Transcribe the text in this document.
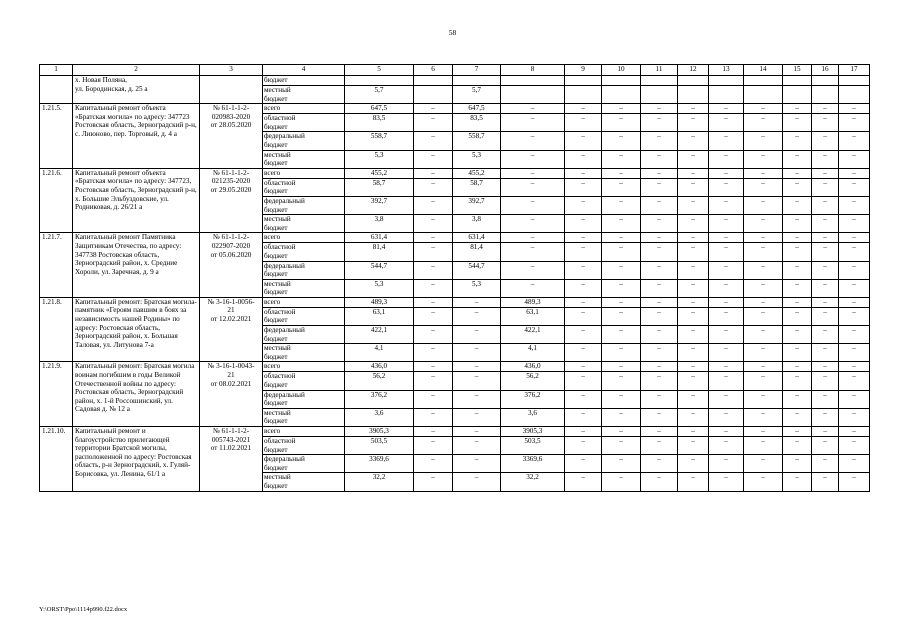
58
1	2	3	4	5	6	7	8	9	10	11	12	13	14	15	16	17
	х. Новая Поляна,
ул. Бородинская, д. 25 а		бюджет													
			местный
бюджет	5,7		5,7										
1.21.5.	Капитальный ремонт объекта «Братская могила» по адресу: 347723 Ростовская область, Зерноградский р-н, с. Лиюново, пер. Торговый, д. 4 а	№ 61-1-1-2-
020983-2020
от 28.05.2020	всего	647,5	–	647,5	–	–	–	–	–	–	–	–	–	–
			областной
бюджет	83,5	–	83,5	–	–	–	–	–	–	–	–	–	–
			федеральный
бюджет	558,7	–	558,7	–	–	–	–	–	–	–	–	–	–
			местный
бюджет	5,3	–	5,3	–	–	–	–	–	–	–	–	–	–
1.21.6.	Капитальный ремонт объекта «Братская могила» по адресу: 347723, Ростовская область, Зерноградский р-н, х. Большие Эльбуздовские, ул. Родниковая, д. 26/21 а	№ 61-1-1-2-
021235-2020
от 29.05.2020	всего	455,2	–	455,2	–	–	–	–	–	–	–	–	–	–
			областной
бюджет	58,7	–	58,7	–	–	–	–	–	–	–	–	–	–
			федеральный
бюджет	392,7	–	392,7	–	–	–	–	–	–	–	–	–	–
			местный
бюджет	3,8	–	3,8	–	–	–	–	–	–	–	–	–	–
1.21.7.	Капитальный ремонт Памятника Защитникам Отечества, по адресу: 347738 Ростовская область, Зерноградский район, х. Средние Хороли, ул. Заречная, д. 9 а	№ 61-1-1-2-
022907-2020
от 05.06.2020	всего	631,4	–	631,4	–	–	–	–	–	–	–	–	–	–
			областной
бюджет	81,4	–	81,4	–	–	–	–	–	–	–	–	–	–
			федеральный
бюджет	544,7	–	544,7	–	–	–	–	–	–	–	–	–	–
			местный
бюджет	5,3	–	5,3	–	–	–	–	–	–	–	–	–	–
1.21.8.	Капитальный ремонт: Братская могила-памятник «Героям павшим в боях за независимость нашей Родины» по адресу: Ростовская область, Зерноградский район, х. Большая Таловая, ул. Литунова 7-а	№ 3-16-1-0056-
21
от 12.02.2021	всего	489,3	–	–	489,3	–	–	–	–	–	–	–	–	–
			областной
бюджет	63,1	–	–	63,1	–	–	–	–	–	–	–	–	–
			федеральный
бюджет	422,1	–	–	422,1	–	–	–	–	–	–	–	–	–
			местный
бюджет	4,1	–	–	4,1	–	–	–	–	–	–	–	–	–
1.21.9.	Капитальный ремонт: Братская могила воинам погибшим в годы Великой Отечественной войны по адресу: Ростовская область, Зерноградский район, х. 1-й Россошинский, ул. Садовая д. № 12 а	№ 3-16-1-0043-
21
от 08.02.2021	всего	436,0	–	–	436,0	–	–	–	–	–	–	–	–	–
			областной
бюджет	56,2	–	–	56,2	–	–	–	–	–	–	–	–	–
			федеральный
бюджет	376,2	–	–	376,2	–	–	–	–	–	–	–	–	–
			местный
бюджет	3,6	–	–	3,6	–	–	–	–	–	–	–	–	–
1.21.10.	Капитальный ремонт и благоустройство прилегающей территории Братской могилы, расположенной по адресу: Ростовская область, р-н Зерноградский, х. Гуляй-Борисовка, ул. Ленина, 61/1 а	№ 61-1-1-2-
005743-2021
от 11.02.2021	всего	3905,3	–	–	3905,3	–	–	–	–	–	–	–	–	–
			областной
бюджет	503,5	–	–	503,5	–	–	–	–	–	–	–	–	–
			федеральный
бюджет	3369,6	–	–	3369,6	–	–	–	–	–	–	–	–	–
			местный
бюджет	32,2	–	–	32,2	–	–	–	–	–	–	–	–	–
Y:\ORST\Ppo\1114p990.f22.docx
